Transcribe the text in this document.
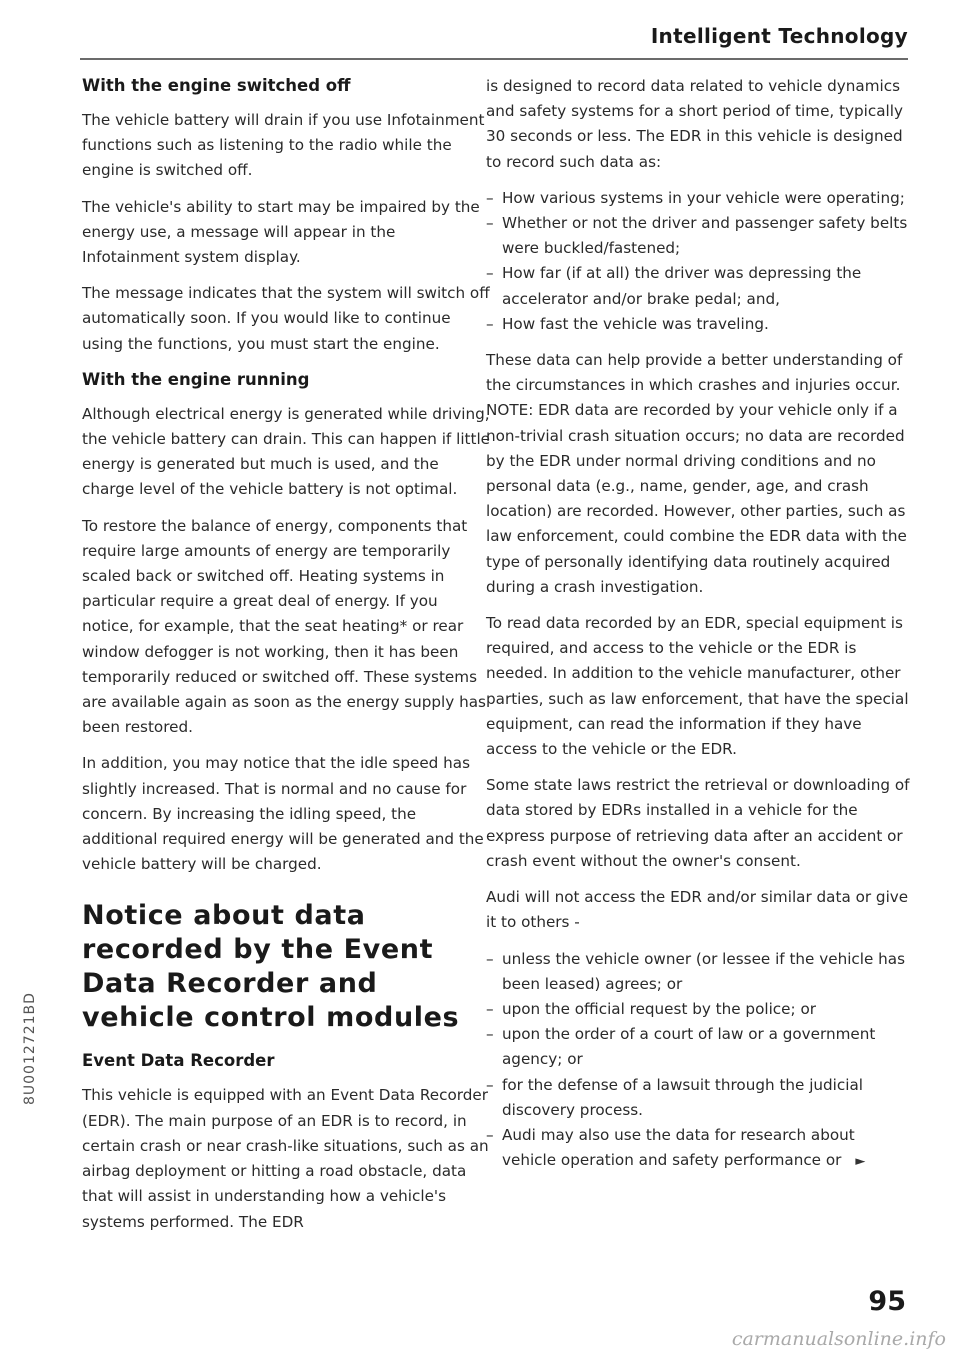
Intelligent Technology
With the engine switched off

The vehicle battery will drain if you use Infotainment functions such as listening to the radio while the engine is switched off.

The vehicle's ability to start may be impaired by the energy use, a message will appear in the Infotainment system display.

The message indicates that the system will switch off automatically soon. If you would like to continue using the functions, you must start the engine.

With the engine running

Although electrical energy is generated while driving, the vehicle battery can drain. This can happen if little energy is generated but much is used, and the charge level of the vehicle battery is not optimal.

To restore the balance of energy, components that require large amounts of energy are temporarily scaled back or switched off. Heating systems in particular require a great deal of energy. If you notice, for example, that the seat heating* or rear window defogger is not working, then it has been temporarily reduced or switched off. These systems are available again as soon as the energy supply has been restored.

In addition, you may notice that the idle speed has slightly increased. That is normal and no cause for concern. By increasing the idling speed, the additional required energy will be generated and the vehicle battery will be charged.

Notice about data recorded by the Event Data Recorder and vehicle control modules
Event Data Recorder

This vehicle is equipped with an Event Data Recorder (EDR). The main purpose of an EDR is to record, in certain crash or near crash-like situations, such as an airbag deployment or hitting a road obstacle, data that will assist in understanding how a vehicle's systems performed. The EDR

is designed to record data related to vehicle dynamics and safety systems for a short period of time, typically 30 seconds or less. The EDR in this vehicle is designed to record such data as:

– How various systems in your vehicle were operating;
– Whether or not the driver and passenger safety belts were buckled/fastened;
– How far (if at all) the driver was depressing the accelerator and/or brake pedal; and,
– How fast the vehicle was traveling.

These data can help provide a better understanding of the circumstances in which crashes and injuries occur. NOTE: EDR data are recorded by your vehicle only if a non-trivial crash situation occurs; no data are recorded by the EDR under normal driving conditions and no personal data (e.g., name, gender, age, and crash location) are recorded. However, other parties, such as law enforcement, could combine the EDR data with the type of personally identifying data routinely acquired during a crash investigation.

To read data recorded by an EDR, special equipment is required, and access to the vehicle or the EDR is needed. In addition to the vehicle manufacturer, other parties, such as law enforcement, that have the special equipment, can read the information if they have access to the vehicle or the EDR.

Some state laws restrict the retrieval or downloading of data stored by EDRs installed in a vehicle for the express purpose of retrieving data after an accident or crash event without the owner's consent.

Audi will not access the EDR and/or similar data or give it to others -

– unless the vehicle owner (or lessee if the vehicle has been leased) agrees; or
– upon the official request by the police; or
– upon the order of a court of law or a government agency; or
– for the defense of a lawsuit through the judicial discovery process.
– Audi may also use the data for research about vehicle operation and safety performance or ►
95
8U0012721BD
carmanualsonline.info
